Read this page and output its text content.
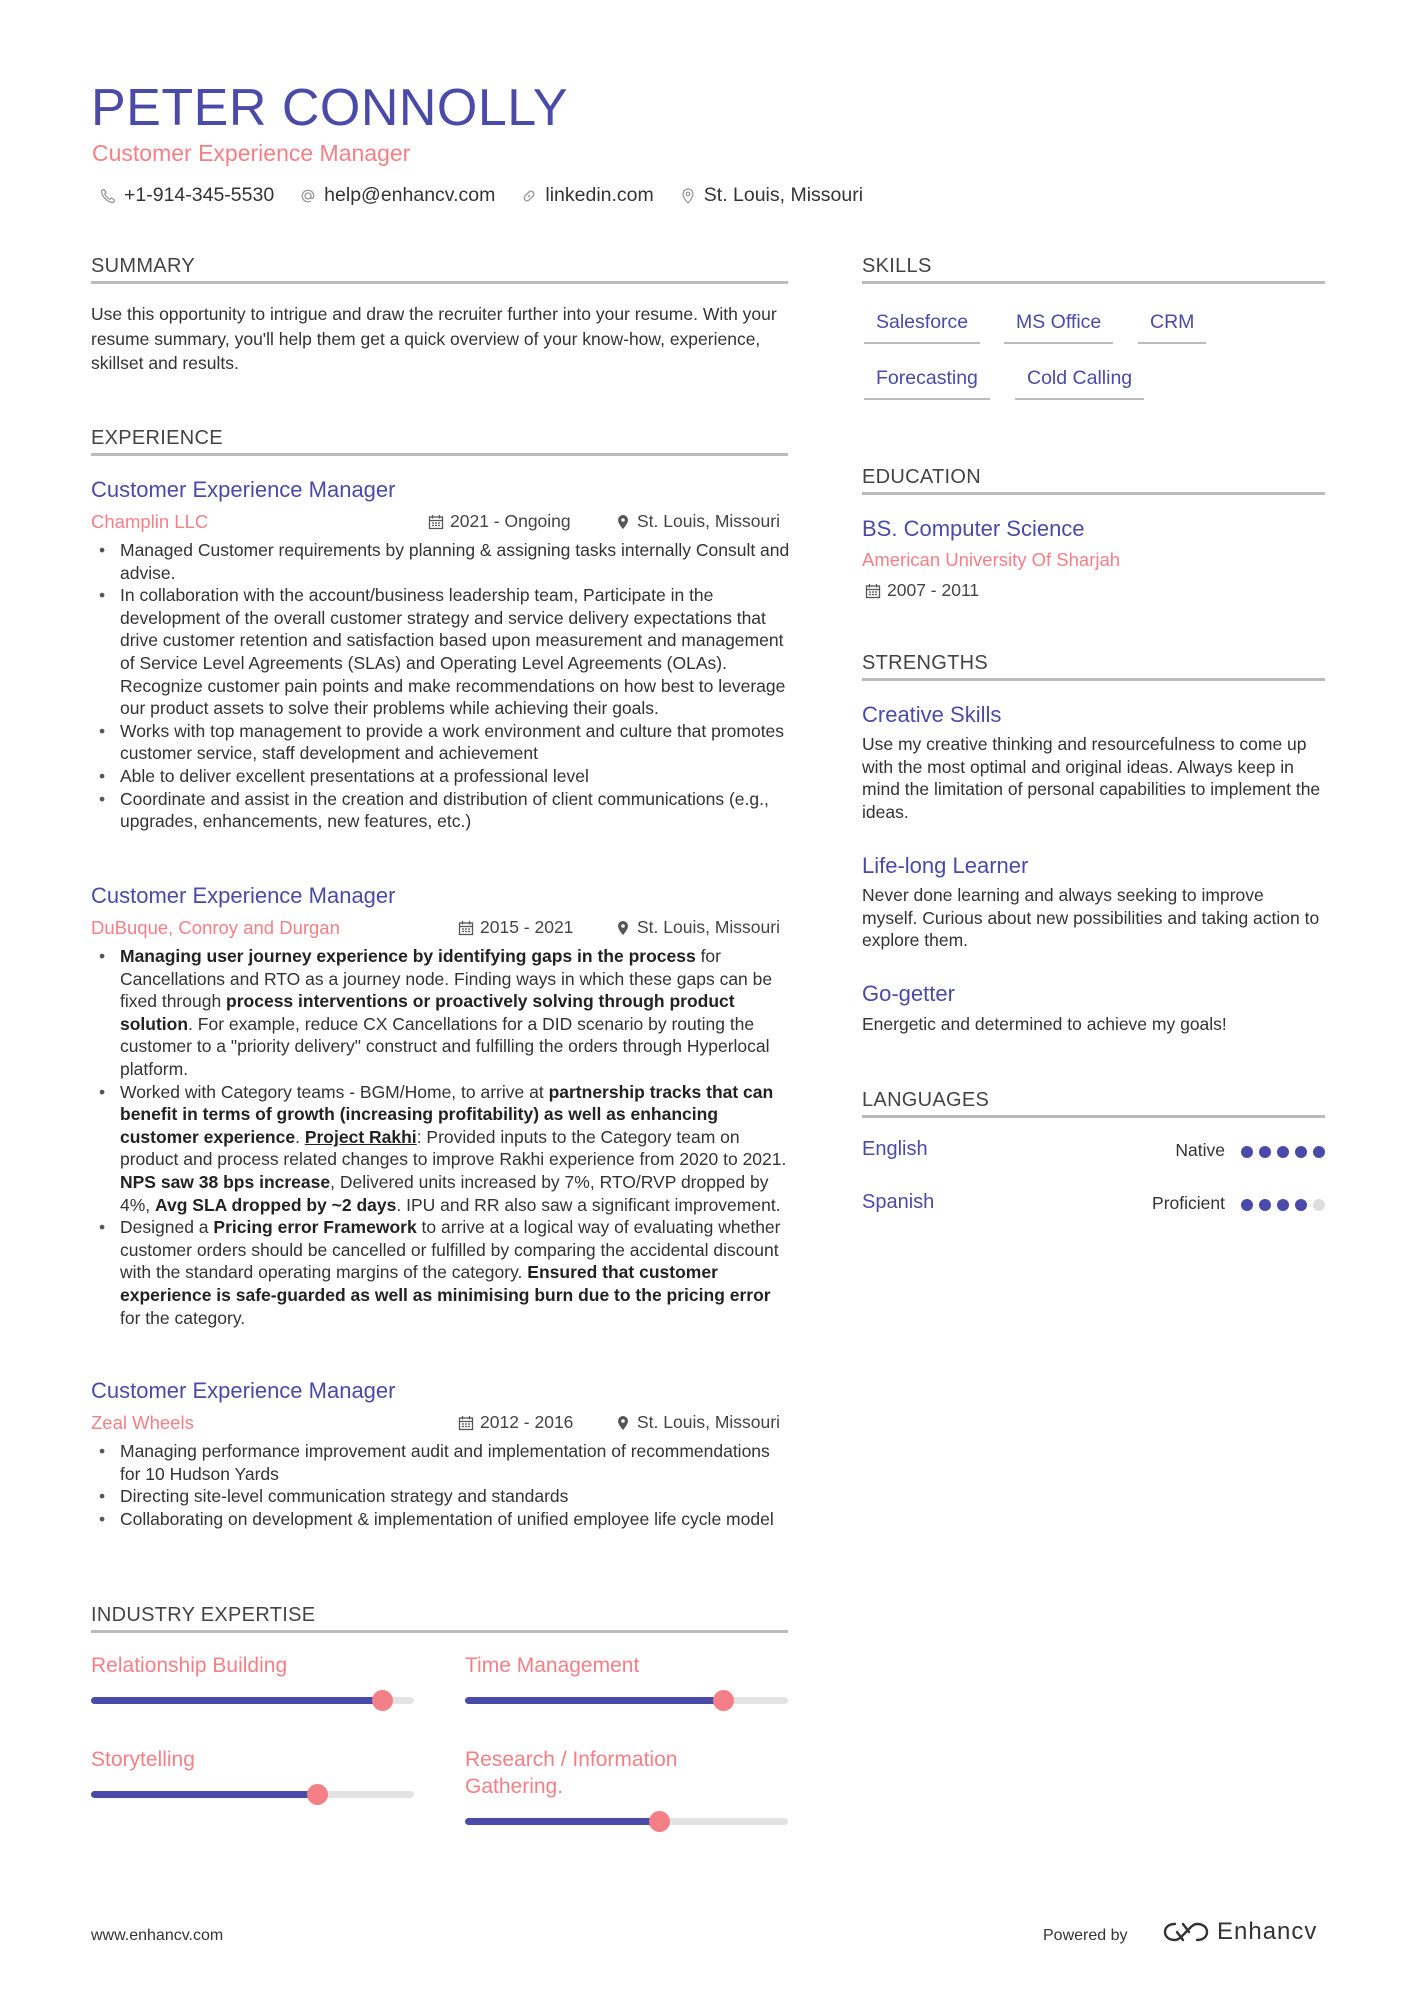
PETER CONNOLLY
Customer Experience Manager
+1-914-345-5530	help@enhancv.com	linkedin.com	St. Louis, Missouri
SUMMARY
Use this opportunity to intrigue and draw the recruiter further into your resume. With your resume summary, you'll help them get a quick overview of your know-how, experience, skillset and results.
EXPERIENCE
Customer Experience Manager
Champlin LLC	2021 - Ongoing	St. Louis, Missouri
• Managed Customer requirements by planning & assigning tasks internally Consult and advise.
• In collaboration with the account/business leadership team, Participate in the development of the overall customer strategy and service delivery expectations that drive customer retention and satisfaction based upon measurement and management of Service Level Agreements (SLAs) and Operating Level Agreements (OLAs). Recognize customer pain points and make recommendations on how best to leverage our product assets to solve their problems while achieving their goals.
• Works with top management to provide a work environment and culture that promotes customer service, staff development and achievement
• Able to deliver excellent presentations at a professional level
• Coordinate and assist in the creation and distribution of client communications (e.g., upgrades, enhancements, new features, etc.)
Customer Experience Manager
DuBuque, Conroy and Durgan	2015 - 2021	St. Louis, Missouri
• Managing user journey experience by identifying gaps in the process for Cancellations and RTO as a journey node. Finding ways in which these gaps can be fixed through process interventions or proactively solving through product solution. For example, reduce CX Cancellations for a DID scenario by routing the customer to a "priority delivery" construct and fulfilling the orders through Hyperlocal platform.
• Worked with Category teams - BGM/Home, to arrive at partnership tracks that can benefit in terms of growth (increasing profitability) as well as enhancing customer experience. Project Rakhi: Provided inputs to the Category team on product and process related changes to improve Rakhi experience from 2020 to 2021. NPS saw 38 bps increase, Delivered units increased by 7%, RTO/RVP dropped by 4%, Avg SLA dropped by ~2 days. IPU and RR also saw a significant improvement.
• Designed a Pricing error Framework to arrive at a logical way of evaluating whether customer orders should be cancelled or fulfilled by comparing the accidental discount with the standard operating margins of the category. Ensured that customer experience is safe-guarded as well as minimising burn due to the pricing error for the category.
Customer Experience Manager
Zeal Wheels	2012 - 2016	St. Louis, Missouri
• Managing performance improvement audit and implementation of recommendations for 10 Hudson Yards
• Directing site-level communication strategy and standards
• Collaborating on development & implementation of unified employee life cycle model
INDUSTRY EXPERTISE
Relationship Building	Time Management
Storytelling	Research / Information Gathering.
SKILLS
Salesforce	MS Office	CRM
Forecasting	Cold Calling
EDUCATION
BS. Computer Science
American University Of Sharjah
2007 - 2011
STRENGTHS
Creative Skills
Use my creative thinking and resourcefulness to come up with the most optimal and original ideas. Always keep in mind the limitation of personal capabilities to implement the ideas.
Life-long Learner
Never done learning and always seeking to improve myself. Curious about new possibilities and taking action to explore them.
Go-getter
Energetic and determined to achieve my goals!
LANGUAGES
English	Native
Spanish	Proficient
www.enhancv.com	Powered by	Enhancv
